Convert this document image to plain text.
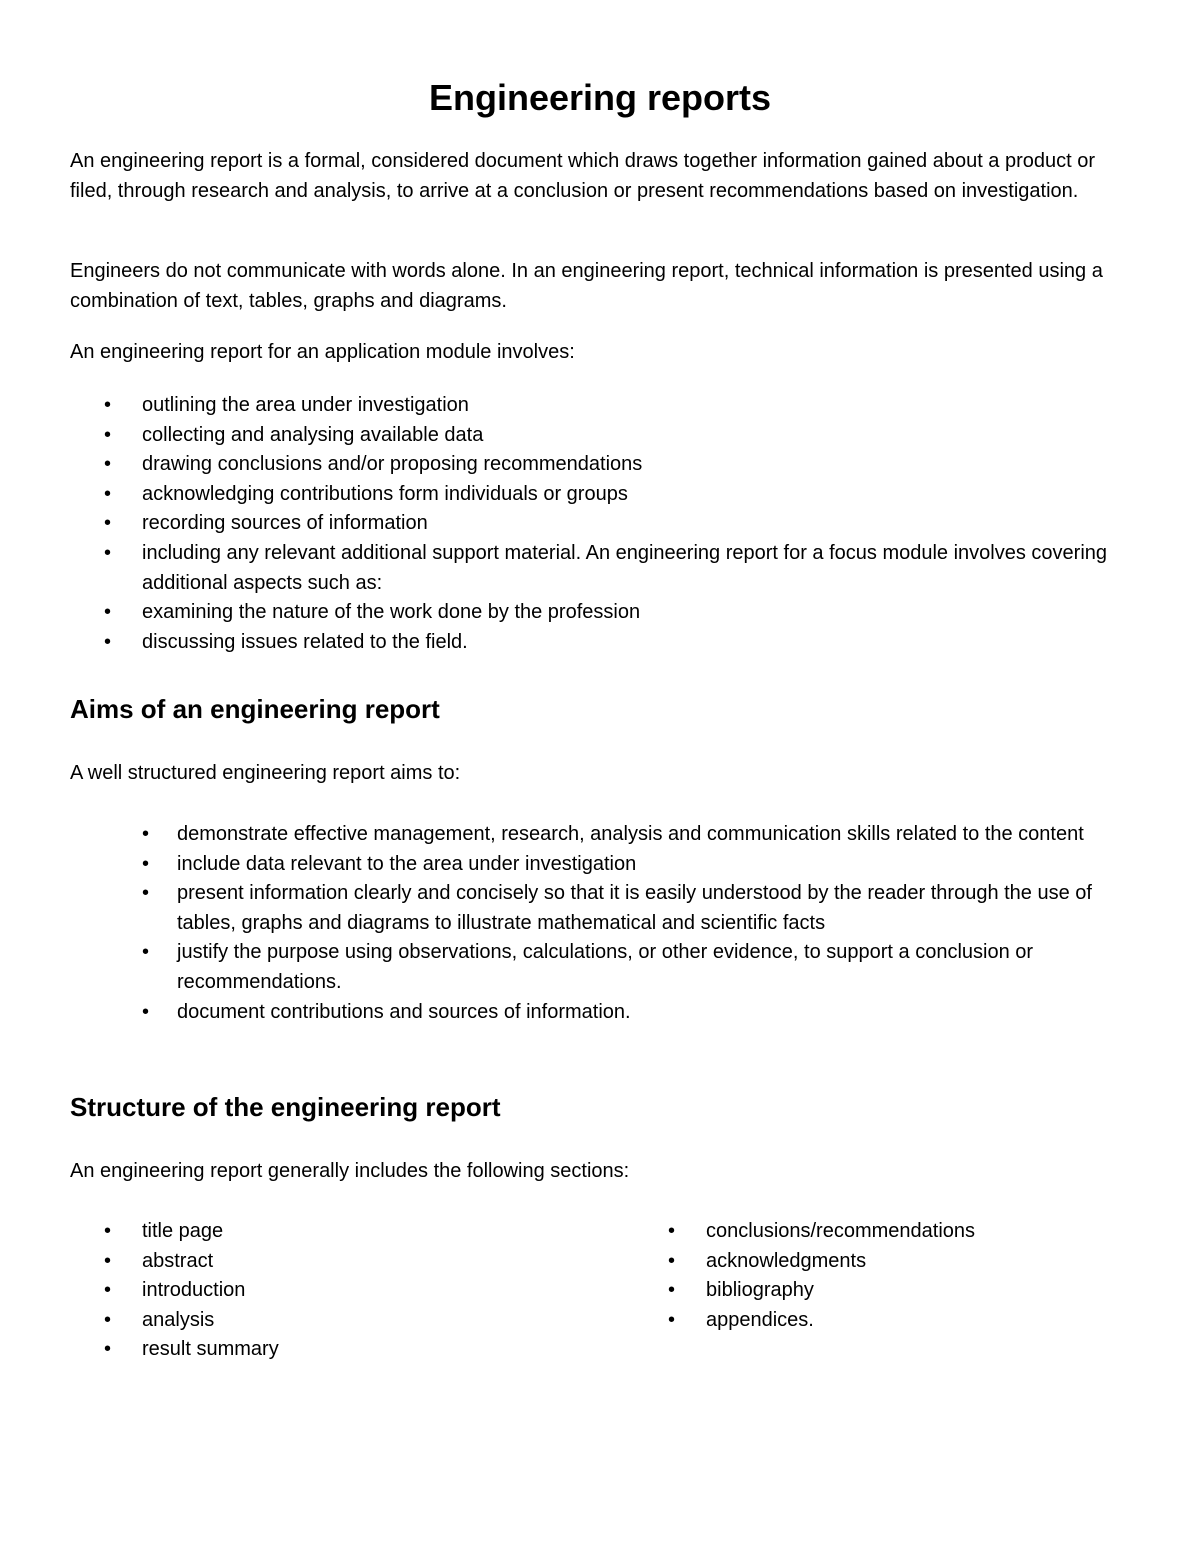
Engineering reports

An engineering report is a formal, considered document which draws together information gained about a product or filed, through research and analysis, to arrive at a conclusion or present recommendations based on investigation.

Engineers do not communicate with words alone. In an engineering report, technical information is presented using a combination of text, tables, graphs and diagrams.

An engineering report for an application module involves:

• outlining the area under investigation
• collecting and analysing available data
• drawing conclusions and/or proposing recommendations
• acknowledging contributions form individuals or groups
• recording sources of information
• including any relevant additional support material. An engineering report for a focus module involves covering additional aspects such as:
• examining the nature of the work done by the profession
• discussing issues related to the field.
Aims of an engineering report

A well structured engineering report aims to:

• demonstrate effective management, research, analysis and communication skills related to the content
• include data relevant to the area under investigation
• present information clearly and concisely so that it is easily understood by the reader through the use of tables, graphs and diagrams to illustrate mathematical and scientific facts
• justify the purpose using observations, calculations, or other evidence, to support a conclusion or recommendations.
• document contributions and sources of information.
Structure of the engineering report

An engineering report generally includes the following sections:

• title page
• abstract
• introduction
• analysis
• result summary
• conclusions/recommendations
• acknowledgments
• bibliography
• appendices.
